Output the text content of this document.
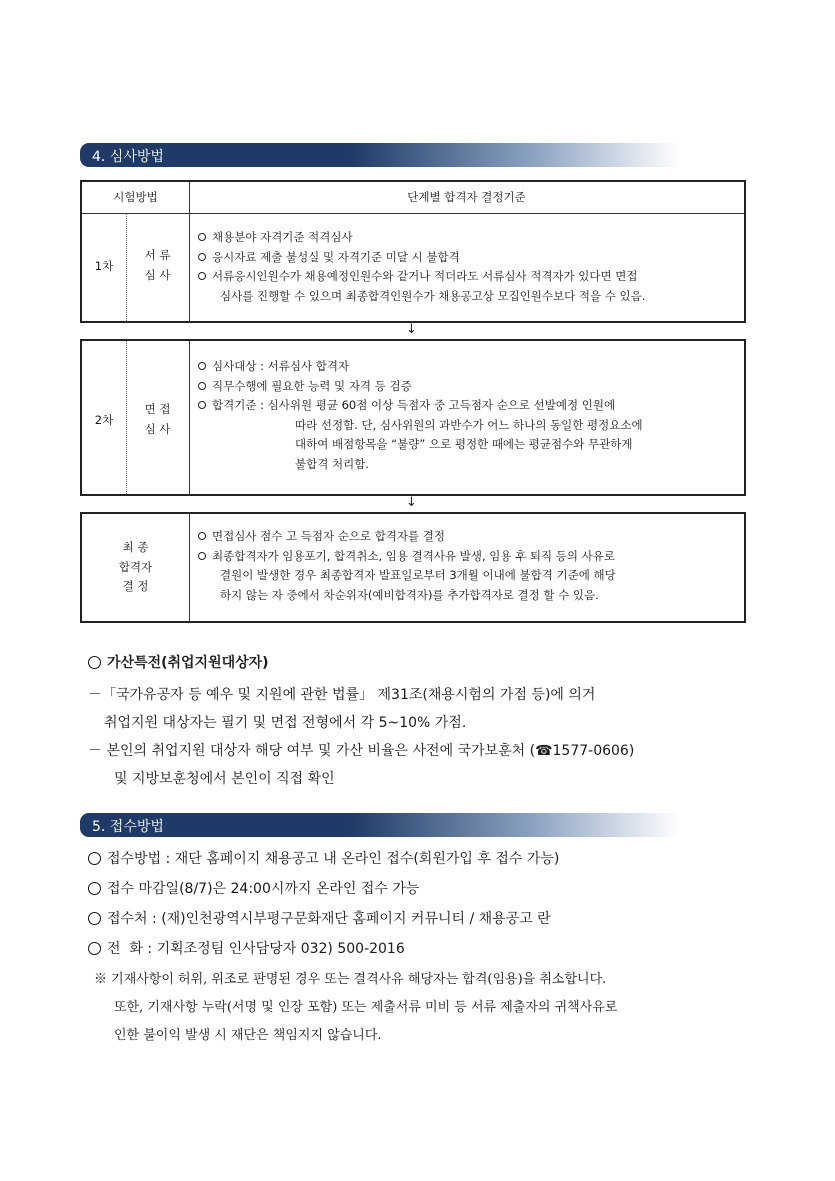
4. 심사방법
시험방법	단계별 합격자 결정기준
1차
서 류
심 사
채용분야 자격기준 적격심사
응시자료 제출 불성실 및 자격기준 미달 시 불합격
서류응시인원수가 채용예정인원수와 같거나 적더라도 서류심사 적격자가 있다면 면접
심사를 진행할 수 있으며 최종합격인원수가 채용공고상 모집인원수보다 적을 수 있음.
↓
2차
면 접
심 사
심사대상 : 서류심사 합격자
직무수행에 필요한 능력 및 자격 등 검증
합격기준 : 심사위원 평균 60점 이상 득점자 중 고득점자 순으로 선발예정 인원에
따라 선정함. 단, 심사위원의 과반수가 어느 하나의 동일한 평정요소에
대하여 배점항목을 “불량” 으로 평정한 때에는 평균점수와 무관하게
불합격 처리함.
↓
최 종
합격자
결 정
면접심사 점수 고 득점자 순으로 합격자를 결정
최종합격자가 임용포기, 합격취소, 임용 결격사유 발생, 임용 후 퇴직 등의 사유로
결원이 발생한 경우 최종합격자 발표일로부터 3개월 이내에 불합격 기준에 해당
하지 않는 자 중에서 차순위자(예비합격자)를 추가합격자로 결정 할 수 있음.
가산특전(취업지원대상자)
－「국가유공자 등 예우 및 지원에 관한 법률」 제31조(채용시험의 가점 등)에 의거
취업지원 대상자는 필기 및 면접 전형에서 각 5~10% 가점.
－ 본인의 취업지원 대상자 해당 여부 및 가산 비율은 사전에 국가보훈처 (☎1577-0606)
및 지방보훈청에서 본인이 직접 확인
5. 접수방법
접수방법 : 재단 홈페이지 채용공고 내 온라인 접수(회원가입 후 접수 가능)
접수 마감일(8/7)은 24:00시까지 온라인 접수 가능
접수처 : (재)인천광역시부평구문화재단 홈페이지 커뮤니티 / 채용공고 란
전  화 : 기획조정팀 인사담당자 032) 500-2016
※ 기재사항이 허위, 위조로 판명된 경우 또는 결격사유 해당자는 합격(임용)을 취소합니다.
또한, 기재사항 누락(서명 및 인장 포함) 또는 제출서류 미비 등 서류 제출자의 귀책사유로
인한 불이익 발생 시 재단은 책임지지 않습니다.
